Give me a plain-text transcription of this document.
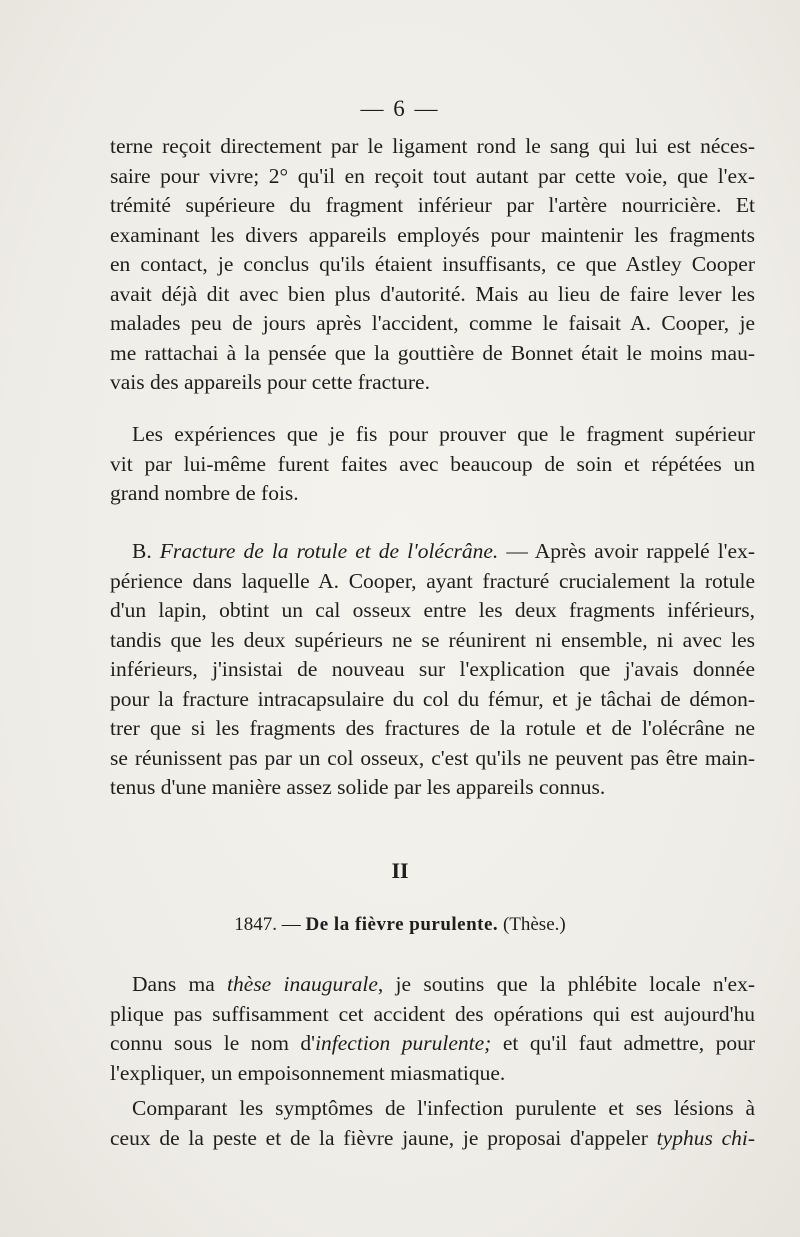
— 6 —
terne reçoit directement par le ligament rond le sang qui lui est néces-
saire pour vivre; 2° qu'il en reçoit tout autant par cette voie, que l'ex-
trémité supérieure du fragment inférieur par l'artère nourricière. Et
examinant les divers appareils employés pour maintenir les fragments
en contact, je conclus qu'ils étaient insuffisants, ce que Astley Cooper
avait déjà dit avec bien plus d'autorité. Mais au lieu de faire lever les
malades peu de jours après l'accident, comme le faisait A. Cooper, je
me rattachai à la pensée que la gouttière de Bonnet était le moins mau-
vais des appareils pour cette fracture.
Les expériences que je fis pour prouver que le fragment supérieur
vit par lui-même furent faites avec beaucoup de soin et répétées un
grand nombre de fois.
B. Fracture de la rotule et de l'olécrâne. — Après avoir rappelé l'ex-
périence dans laquelle A. Cooper, ayant fracturé crucialement la rotule
d'un lapin, obtint un cal osseux entre les deux fragments inférieurs,
tandis que les deux supérieurs ne se réunirent ni ensemble, ni avec les
inférieurs, j'insistai de nouveau sur l'explication que j'avais donnée
pour la fracture intracapsulaire du col du fémur, et je tâchai de démon-
trer que si les fragments des fractures de la rotule et de l'olécrâne ne
se réunissent pas par un col osseux, c'est qu'ils ne peuvent pas être main-
tenus d'une manière assez solide par les appareils connus.
II
1847. — De la fièvre purulente. (Thèse.)
Dans ma thèse inaugurale, je soutins que la phlébite locale n'ex-
plique pas suffisamment cet accident des opérations qui est aujourd'hu
connu sous le nom d'infection purulente; et qu'il faut admettre, pour
l'expliquer, un empoisonnement miasmatique.
Comparant les symptômes de l'infection purulente et ses lésions à
ceux de la peste et de la fièvre jaune, je proposai d'appeler typhus chi-
